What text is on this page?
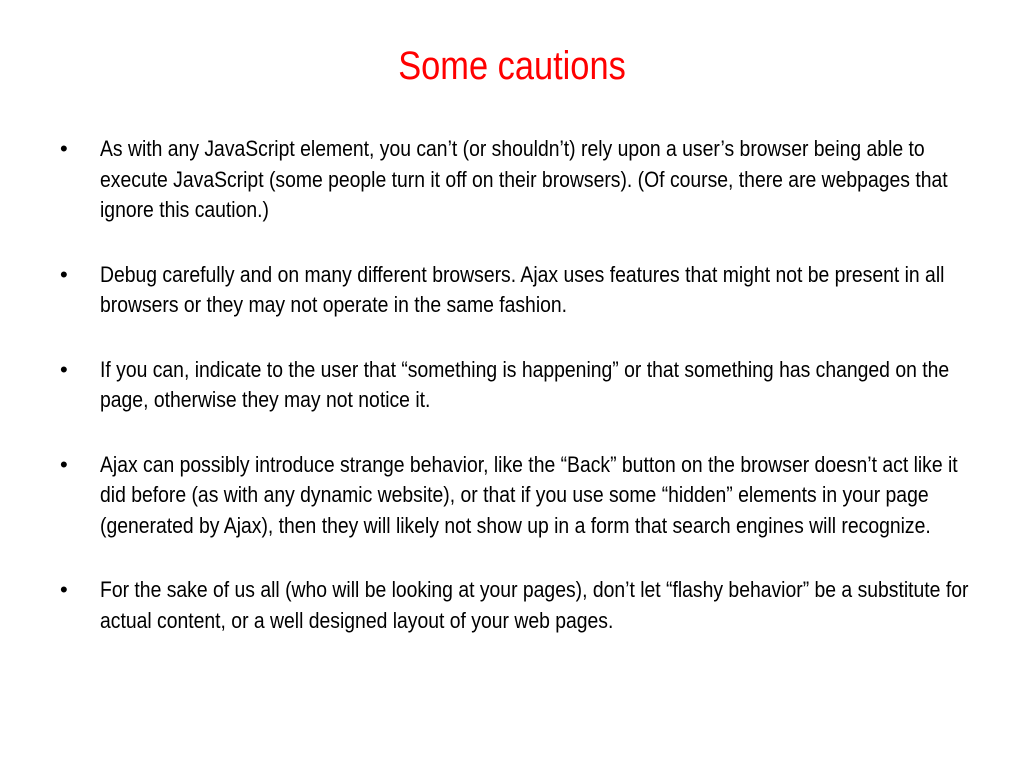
Some cautions
• As with any JavaScript element, you can’t (or shouldn’t) rely upon a user’s browser being able to execute JavaScript (some people turn it off on their browsers). (Of course, there are webpages that ignore this caution.)
• Debug carefully and on many different browsers. Ajax uses features that might not be present in all browsers or they may not operate in the same fashion.
• If you can, indicate to the user that “something is happening” or that something has changed on the page, otherwise they may not notice it.
• Ajax can possibly introduce strange behavior, like the “Back” button on the browser doesn’t act like it did before (as with any dynamic website), or that if you use some “hidden” elements in your page (generated by Ajax), then they will likely not show up in a form that search engines will recognize.
• For the sake of us all (who will be looking at your pages), don’t let “flashy behavior” be a substitute for actual content, or a well designed layout of your web pages.
